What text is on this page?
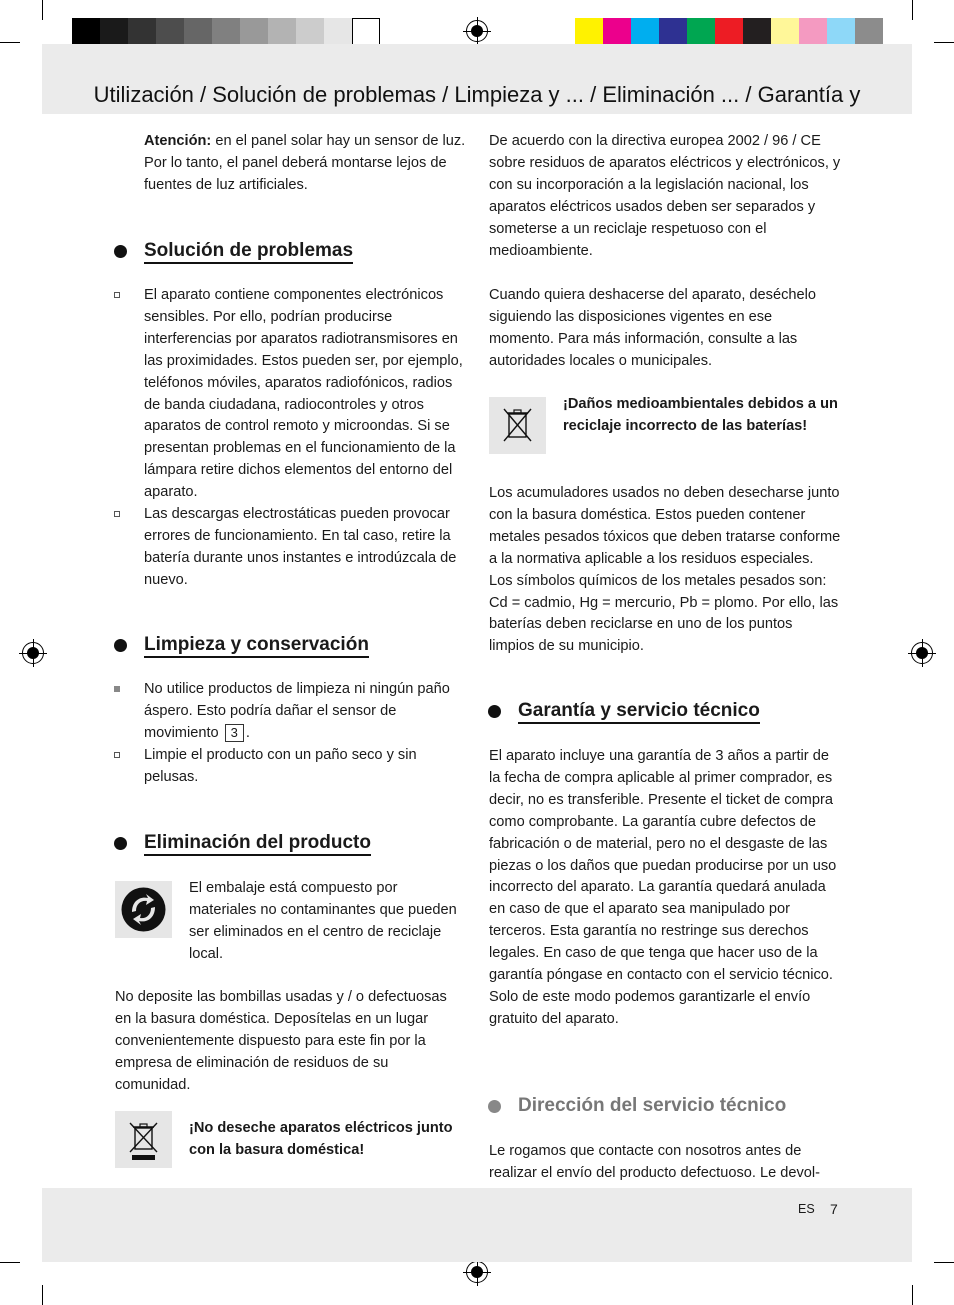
Utilización / Solución de problemas / Limpieza y ... / Eliminación ... / Garantía y

Atención: en el panel solar hay un sensor de luz. Por lo tanto, el panel deberá montarse lejos de fuentes de luz artificiales.

Solución de problemas

El aparato contiene componentes electrónicos sensibles. Por ello, podrían producirse interferencias por aparatos radiotransmisores en las proximidades. Estos pueden ser, por ejemplo, teléfonos móviles, aparatos radiofónicos, radios de banda ciudadana, radiocontroles y otros aparatos de control remoto y microondas. Si se presentan problemas en el funcionamiento de la lámpara retire dichos elementos del entorno del aparato.

Las descargas electrostáticas pueden provocar errores de funcionamiento. En tal caso, retire la batería durante unos instantes e introdúzcala de nuevo.

Limpieza y conservación

No utilice productos de limpieza ni ningún paño áspero. Esto podría dañar el sensor de movimiento 3 .

Limpie el producto con un paño seco y sin pelusas.

Eliminación del producto

El embalaje está compuesto por materiales no contaminantes que pueden ser eliminados en el centro de reciclaje local.

No deposite las bombillas usadas y / o defectuosas en la basura doméstica. Deposítelas en un lugar convenientemente dispuesto para este fin por la empresa de eliminación de residuos de su comunidad.

¡No deseche aparatos eléctricos junto con la basura doméstica!

De acuerdo con la directiva europea 2002 / 96 / CE sobre residuos de aparatos eléctricos y electrónicos, y con su incorporación a la legislación nacional, los aparatos eléctricos usados deben ser separados y someterse a un reciclaje respetuoso con el medioambiente.

Cuando quiera deshacerse del aparato, deséchelo siguiendo las disposiciones vigentes en ese momento. Para más información, consulte a las autoridades locales o municipales.

¡Daños medioambientales debidos a un reciclaje incorrecto de las baterías!

Los acumuladores usados no deben desecharse junto con la basura doméstica. Estos pueden contener metales pesados tóxicos que deben tratarse conforme a la normativa aplicable a los residuos especiales. Los símbolos químicos de los metales pesados son: Cd = cadmio, Hg = mercurio, Pb = plomo. Por ello, las baterías deben reciclarse en uno de los puntos limpios de su municipio.

Garantía y servicio técnico

El aparato incluye una garantía de 3 años a partir de la fecha de compra aplicable al primer comprador, es decir, no es transferible. Presente el ticket de compra como comprobante. La garantía cubre defectos de fabricación o de material, pero no el desgaste de las piezas o los daños que puedan producirse por un uso incorrecto del aparato. La garantía quedará anulada en caso de que el aparato sea manipulado por terceros. Esta garantía no restringe sus derechos legales. En caso de que tenga que hacer uso de la garantía póngase en contacto con el servicio técnico. Solo de este modo podemos garantizarle el envío gratuito del aparato.

Dirección del servicio técnico

Le rogamos que contacte con nosotros antes de realizar el envío del producto defectuoso. Le devol-

ES 7
